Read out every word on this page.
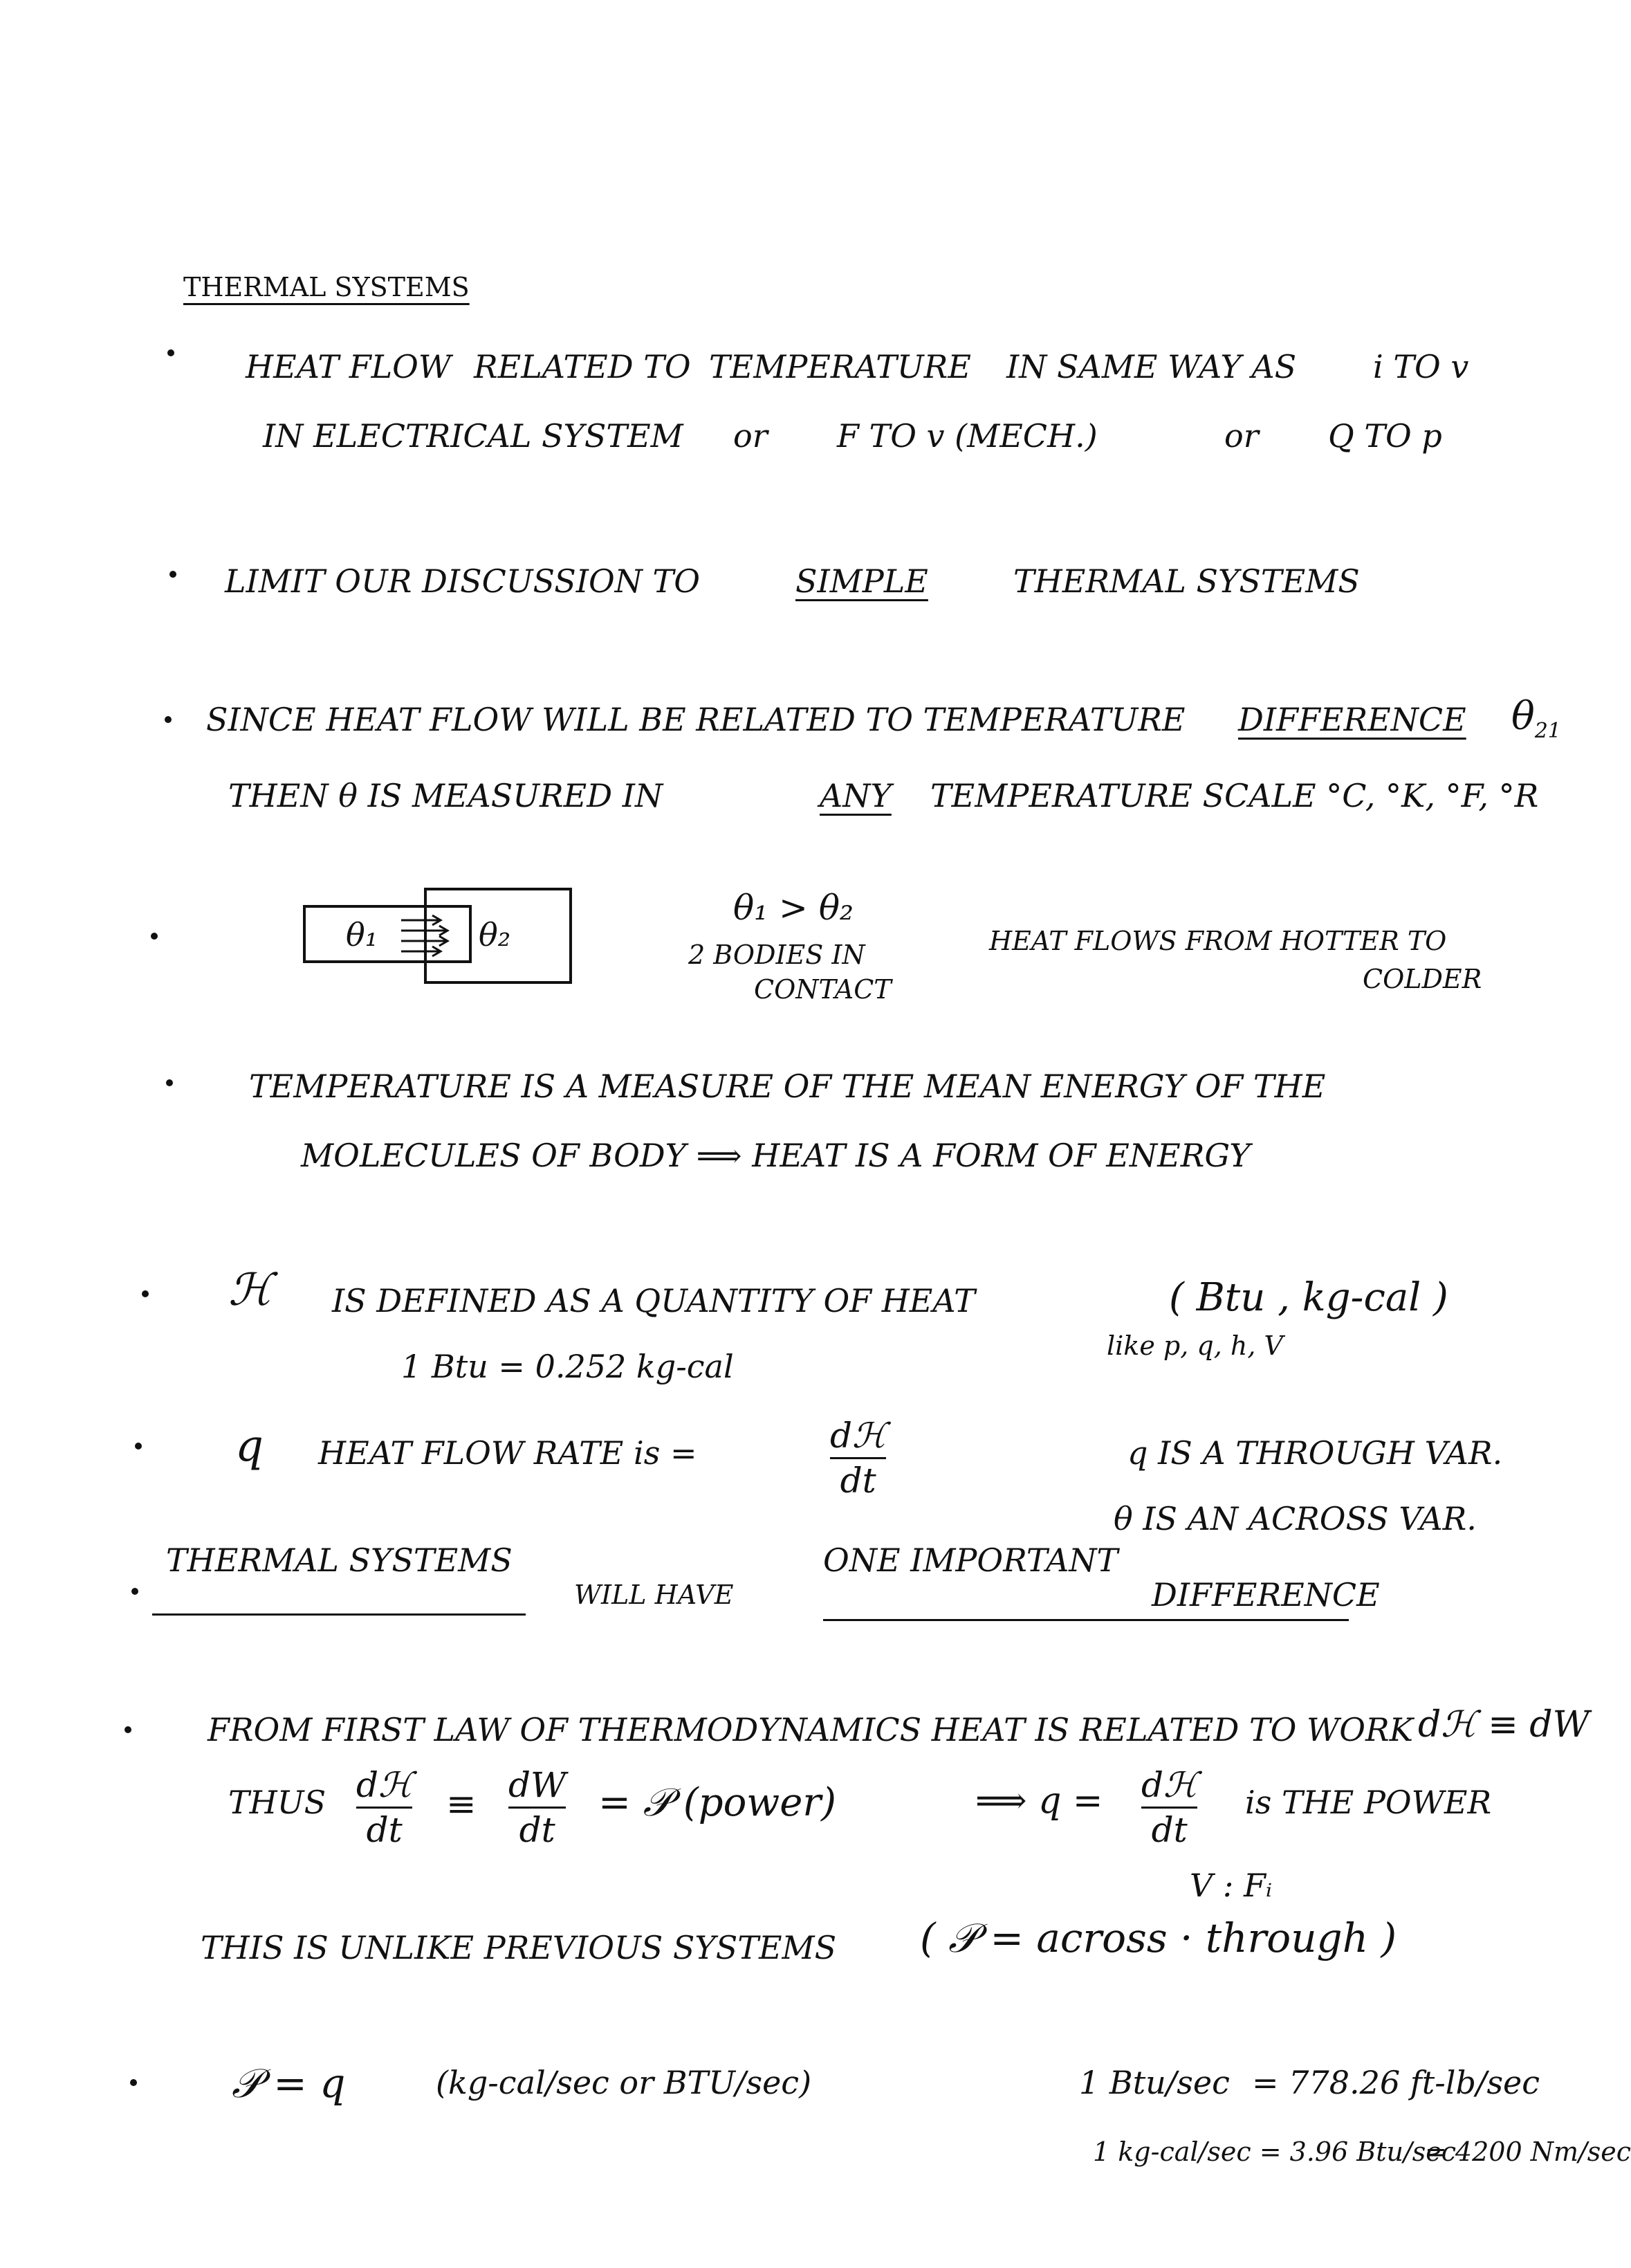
THERMAL SYSTEMS
HEAT FLOW RELATED TO TEMPERATURE IN SAME WAY AS i TO v
IN ELECTRICAL SYSTEM or F TO v (MECH.)	or Q TO p
LIMIT OUR DISCUSSION TO	SIMPLE	THERMAL SYSTEMS
SINCE HEAT FLOW WILL BE RELATED TO TEMPERATURE DIFFERENCE $\theta_{21}$
THEN θ IS MEASURED IN	ANY TEMPERATURE SCALE °C, °K, °F, °R
θ₁	θ₂
θ₁ > θ₂
2 BODIES IN
CONTACT
HEAT FLOWS FROM HOTTER TO
COLDER
TEMPERATURE IS A MEASURE OF THE MEAN ENERGY OF THE
MOLECULES OF BODY ⟹ HEAT IS A FORM OF ENERGY
ℋ IS DEFINED AS A QUANTITY OF HEAT	( Btu , kg-cal )
1 Btu = 0.252 kg-cal
like p, q, h, V
q HEAT FLOW RATE is =	dℋ
dt
q IS A THROUGH VAR.
θ IS AN ACROSS VAR.
THERMAL SYSTEMS
WILL HAVE
ONE IMPORTANT
DIFFERENCE
FROM FIRST LAW OF THERMODYNAMICS HEAT IS RELATED TO WORK dℋ ≡ dW
THUS dℋ
dt
≡ dW
dt
= 𝒫 (power)	⟹ q = dℋ
dt
is THE POWER
V : Fᵢ
THIS IS UNLIKE PREVIOUS SYSTEMS ( 𝒫 = across · through )
𝒫 = q	(kg-cal/sec or BTU/sec)	1 Btu/sec = 778.26 ft-lb/sec
1 kg-cal/sec = 3.96 Btu/sec
= 4200 Nm/sec
